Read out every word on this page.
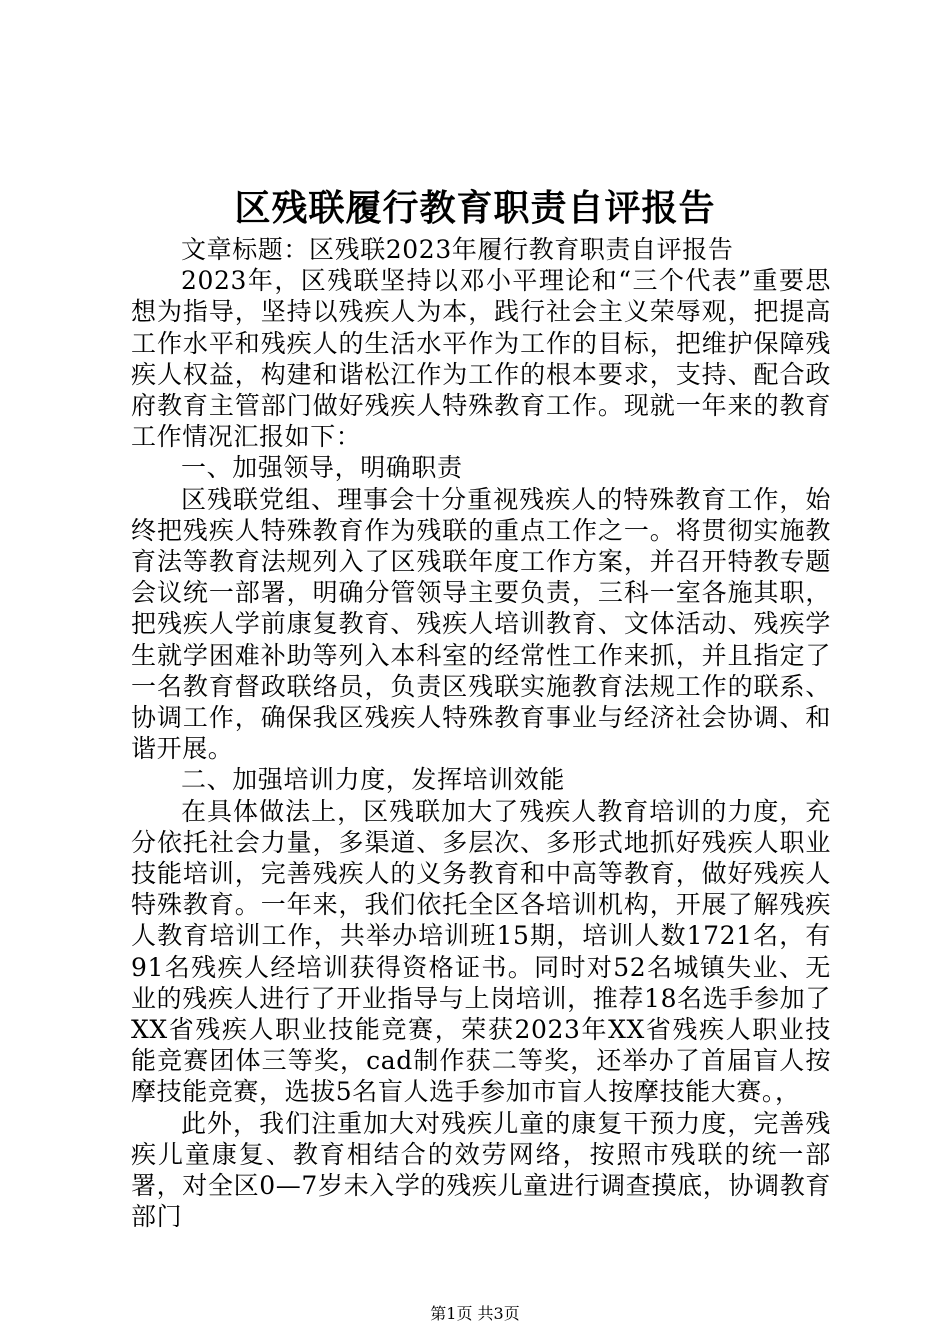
区残联履行教育职责自评报告

文章标题：区残联2023年履行教育职责自评报告

2023年，区残联坚持以邓小平理论和“三个代表”重要思想为指导，坚持以残疾人为本，践行社会主义荣辱观，把提高工作水平和残疾人的生活水平作为工作的目标，把维护保障残疾人权益，构建和谐松江作为工作的根本要求，支持、配合政府教育主管部门做好残疾人特殊教育工作。现就一年来的教育工作情况汇报如下：

一、加强领导，明确职责

区残联党组、理事会十分重视残疾人的特殊教育工作，始终把残疾人特殊教育作为残联的重点工作之一。将贯彻实施教育法等教育法规列入了区残联年度工作方案，并召开特教专题会议统一部署，明确分管领导主要负责，三科一室各施其职，把残疾人学前康复教育、残疾人培训教育、文体活动、残疾学生就学困难补助等列入本科室的经常性工作来抓，并且指定了一名教育督政联络员，负责区残联实施教育法规工作的联系、协调工作，确保我区残疾人特殊教育事业与经济社会协调、和谐开展。

二、加强培训力度，发挥培训效能

在具体做法上，区残联加大了残疾人教育培训的力度，充分依托社会力量，多渠道、多层次、多形式地抓好残疾人职业技能培训，完善残疾人的义务教育和中高等教育，做好残疾人特殊教育。一年来，我们依托全区各培训机构，开展了解残疾人教育培训工作，共举办培训班15期，培训人数1721名，有91名残疾人经培训获得资格证书。同时对52名城镇失业、无业的残疾人进行了开业指导与上岗培训，推荐18名选手参加了XX省残疾人职业技能竞赛，荣获2023年XX省残疾人职业技能竞赛团体三等奖，cad制作获二等奖，还举办了首届盲人按摩技能竞赛，选拔5名盲人选手参加市盲人按摩技能大赛。，

此外，我们注重加大对残疾儿童的康复干预力度，完善残疾儿童康复、教育相结合的效劳网络，按照市残联的统一部署，对全区0—7岁未入学的残疾儿童进行调查摸底，协调教育部门

第1页 共3页
